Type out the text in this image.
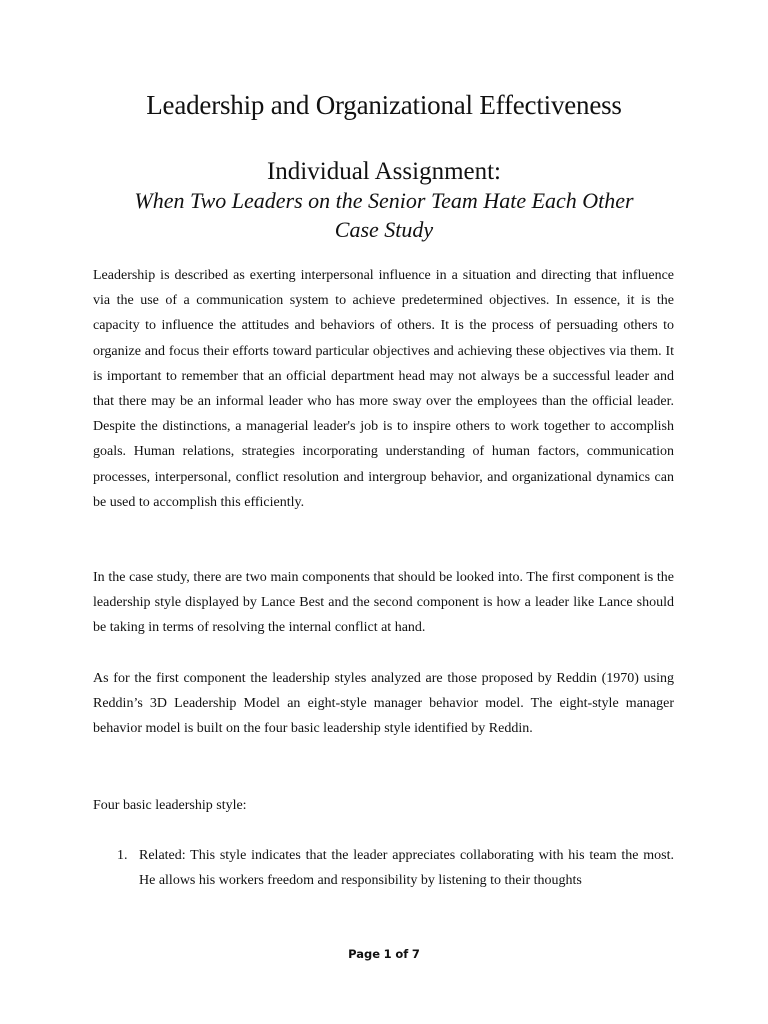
Leadership and Organizational Effectiveness
Individual Assignment:
When Two Leaders on the Senior Team Hate Each Other
Case Study

Leadership is described as exerting interpersonal influence in a situation and directing that influence via the use of a communication system to achieve predetermined objectives. In essence, it is the capacity to influence the attitudes and behaviors of others. It is the process of persuading others to organize and focus their efforts toward particular objectives and achieving these objectives via them. It is important to remember that an official department head may not always be a successful leader and that there may be an informal leader who has more sway over the employees than the official leader. Despite the distinctions, a managerial leader's job is to inspire others to work together to accomplish goals. Human relations, strategies incorporating understanding of human factors, communication processes, interpersonal, conflict resolution and intergroup behavior, and organizational dynamics can be used to accomplish this efficiently.

In the case study, there are two main components that should be looked into. The first component is the leadership style displayed by Lance Best and the second component is how a leader like Lance should be taking in terms of resolving the internal conflict at hand.

As for the first component the leadership styles analyzed are those proposed by Reddin (1970) using Reddin’s 3D Leadership Model an eight-style manager behavior model. The eight-style manager behavior model is built on the four basic leadership style identified by Reddin.

Four basic leadership style:

1. Related: This style indicates that the leader appreciates collaborating with his team the most. He allows his workers freedom and responsibility by listening to their thoughts
Page 1 of 7
